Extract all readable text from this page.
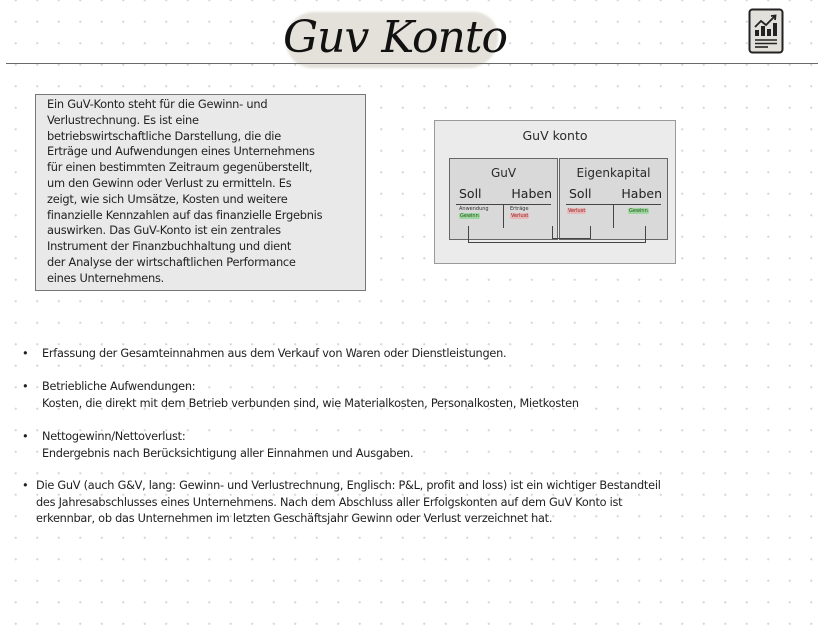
Guv Konto
Ein GuV-Konto steht für die Gewinn- und
Verlustrechnung. Es ist eine
betriebswirtschaftliche Darstellung, die die
Erträge und Aufwendungen eines Unternehmens
für einen bestimmten Zeitraum gegenüberstellt,
um den Gewinn oder Verlust zu ermitteln. Es
zeigt, wie sich Umsätze, Kosten und weitere
finanzielle Kennzahlen auf das finanzielle Ergebnis
auswirken. Das GuV-Konto ist ein zentrales
Instrument der Finanzbuchhaltung und dient
der Analyse der wirtschaftlichen Performance
eines Unternehmens.
GuV konto
GuV
Soll Haben
Anwendung
Gewinn
Erträge
Verlust
Eigenkapital
Soll Haben
Verlust	Gewinn
• Erfassung der Gesamteinnahmen aus dem Verkauf von Waren oder Dienstleistungen.
• Betriebliche Aufwendungen:
Kosten, die direkt mit dem Betrieb verbunden sind, wie Materialkosten, Personalkosten, Mietkosten
• Nettogewinn/Nettoverlust:
Endergebnis nach Berücksichtigung aller Einnahmen und Ausgaben.
• Die GuV (auch G&V, lang: Gewinn- und Verlustrechnung, Englisch: P&L, profit and loss) ist ein wichtiger Bestandteil
des Jahresabschlusses eines Unternehmens. Nach dem Abschluss aller Erfolgskonten auf dem GuV Konto ist
erkennbar, ob das Unternehmen im letzten Geschäftsjahr Gewinn oder Verlust verzeichnet hat.
